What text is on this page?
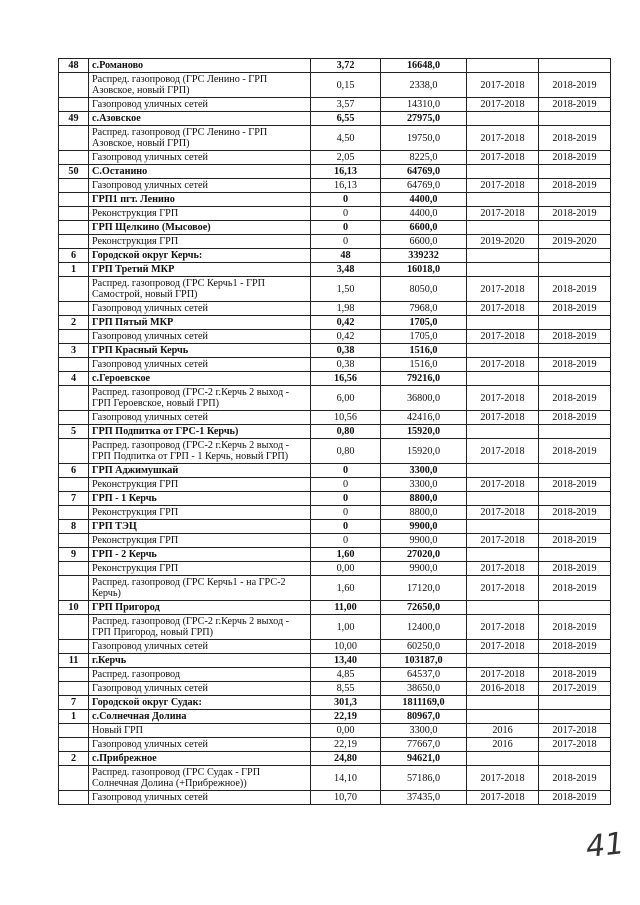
48	с.Романово	3,72	16648,0		
	Распред. газопровод (ГРС Ленино - ГРП Азовское, новый ГРП)	0,15	2338,0	2017-2018	2018-2019
	Газопровод уличных сетей	3,57	14310,0	2017-2018	2018-2019
49	с.Азовское	6,55	27975,0		
	Распред. газопровод (ГРС Ленино - ГРП Азовское, новый ГРП)	4,50	19750,0	2017-2018	2018-2019
	Газопровод уличных сетей	2,05	8225,0	2017-2018	2018-2019
50	С.Останино	16,13	64769,0		
	Газопровод уличных сетей	16,13	64769,0	2017-2018	2018-2019
	ГРП1 пгт. Ленино	0	4400,0		
	Реконструкция ГРП	0	4400,0	2017-2018	2018-2019
	ГРП Щелкино (Мысовое)	0	6600,0		
	Реконструкция ГРП	0	6600,0	2019-2020	2019-2020
6	Городской округ Керчь:	48	339232		
1	ГРП Третий МКР	3,48	16018,0		
	Распред. газопровод (ГРС Керчь1 - ГРП Самострой, новый ГРП)	1,50	8050,0	2017-2018	2018-2019
	Газопровод уличных сетей	1,98	7968,0	2017-2018	2018-2019
2	ГРП Пятый МКР	0,42	1705,0		
	Газопровод уличных сетей	0,42	1705,0	2017-2018	2018-2019
3	ГРП Красный Керчь	0,38	1516,0		
	Газопровод уличных сетей	0,38	1516,0	2017-2018	2018-2019
4	с.Героевское	16,56	79216,0		
	Распред. газопровод (ГРС-2 г.Керчь 2 выход - ГРП Героевское, новый ГРП)	6,00	36800,0	2017-2018	2018-2019
	Газопровод уличных сетей	10,56	42416,0	2017-2018	2018-2019
5	ГРП Подпитка от ГРС-1 Керчь)	0,80	15920,0		
	Распред. газопровод (ГРС-2 г.Керчь 2 выход - ГРП Подпитка от ГРП - 1 Керчь, новый ГРП)	0,80	15920,0	2017-2018	2018-2019
6	ГРП Аджимушкай	0	3300,0		
	Реконструкция ГРП	0	3300,0	2017-2018	2018-2019
7	ГРП - 1 Керчь	0	8800,0		
	Реконструкция ГРП	0	8800,0	2017-2018	2018-2019
8	ГРП ТЭЦ	0	9900,0		
	Реконструкция ГРП	0	9900,0	2017-2018	2018-2019
9	ГРП - 2 Керчь	1,60	27020,0		
	Реконструкция ГРП	0,00	9900,0	2017-2018	2018-2019
	Распред. газопровод (ГРС Керчь1 - на ГРС-2 Керчь)	1,60	17120,0	2017-2018	2018-2019
10	ГРП Пригород	11,00	72650,0		
	Распред. газопровод (ГРС-2 г.Керчь 2 выход - ГРП Пригород, новый ГРП)	1,00	12400,0	2017-2018	2018-2019
	Газопровод уличных сетей	10,00	60250,0	2017-2018	2018-2019
11	г.Керчь	13,40	103187,0		
	Распред. газопровод	4,85	64537,0	2017-2018	2018-2019
	Газопровод уличных сетей	8,55	38650,0	2016-2018	2017-2019
7	Городской округ Судак:	301,3	1811169,0		
1	с.Солнечная Долина	22,19	80967,0		
	Новый ГРП	0,00	3300,0	2016	2017-2018
	Газопровод уличных сетей	22,19	77667,0	2016	2017-2018
2	с.Прибрежное	24,80	94621,0		
	Распред. газопровод (ГРС Судак - ГРП Солнечная Долина (+Прибрежное))	14,10	57186,0	2017-2018	2018-2019
	Газопровод уличных сетей	10,70	37435,0	2017-2018	2018-2019
41
